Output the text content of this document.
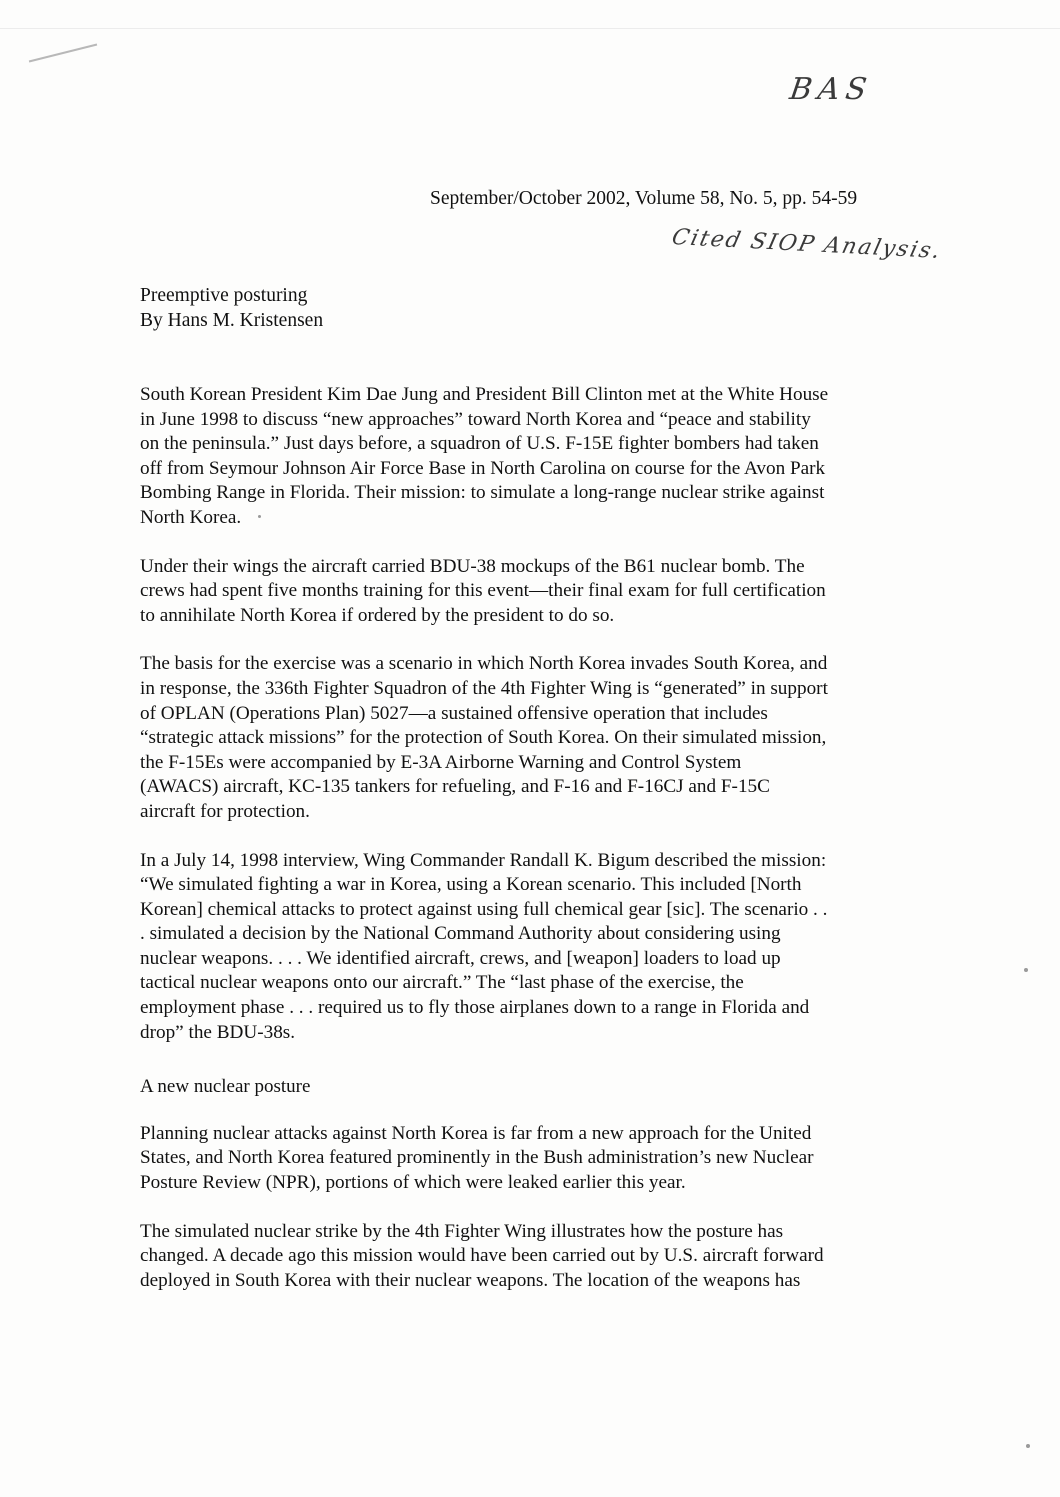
BAS
Cited SIOP Analysis.
September/October 2002, Volume 58, No. 5, pp. 54-59
Preemptive posturing
By Hans M. Kristensen

South Korean President Kim Dae Jung and President Bill Clinton met at the White House
in June 1998 to discuss “new approaches” toward North Korea and “peace and stability
on the peninsula.” Just days before, a squadron of U.S. F-15E fighter bombers had taken
off from Seymour Johnson Air Force Base in North Carolina on course for the Avon Park
Bombing Range in Florida. Their mission: to simulate a long-range nuclear strike against
North Korea.

Under their wings the aircraft carried BDU-38 mockups of the B61 nuclear bomb. The
crews had spent five months training for this event—their final exam for full certification
to annihilate North Korea if ordered by the president to do so.

The basis for the exercise was a scenario in which North Korea invades South Korea, and
in response, the 336th Fighter Squadron of the 4th Fighter Wing is “generated” in support
of OPLAN (Operations Plan) 5027—a sustained offensive operation that includes
“strategic attack missions” for the protection of South Korea. On their simulated mission,
the F-15Es were accompanied by E-3A Airborne Warning and Control System
(AWACS) aircraft, KC-135 tankers for refueling, and F-16 and F-16CJ and F-15C
aircraft for protection.

In a July 14, 1998 interview, Wing Commander Randall K. Bigum described the mission:
“We simulated fighting a war in Korea, using a Korean scenario. This included [North
Korean] chemical attacks to protect against using full chemical gear [sic]. The scenario . .
. simulated a decision by the National Command Authority about considering using
nuclear weapons. . . . We identified aircraft, crews, and [weapon] loaders to load up
tactical nuclear weapons onto our aircraft.” The “last phase of the exercise, the
employment phase . . . required us to fly those airplanes down to a range in Florida and
drop” the BDU-38s.

A new nuclear posture

Planning nuclear attacks against North Korea is far from a new approach for the United
States, and North Korea featured prominently in the Bush administration’s new Nuclear
Posture Review (NPR), portions of which were leaked earlier this year.

The simulated nuclear strike by the 4th Fighter Wing illustrates how the posture has
changed. A decade ago this mission would have been carried out by U.S. aircraft forward
deployed in South Korea with their nuclear weapons. The location of the weapons has
